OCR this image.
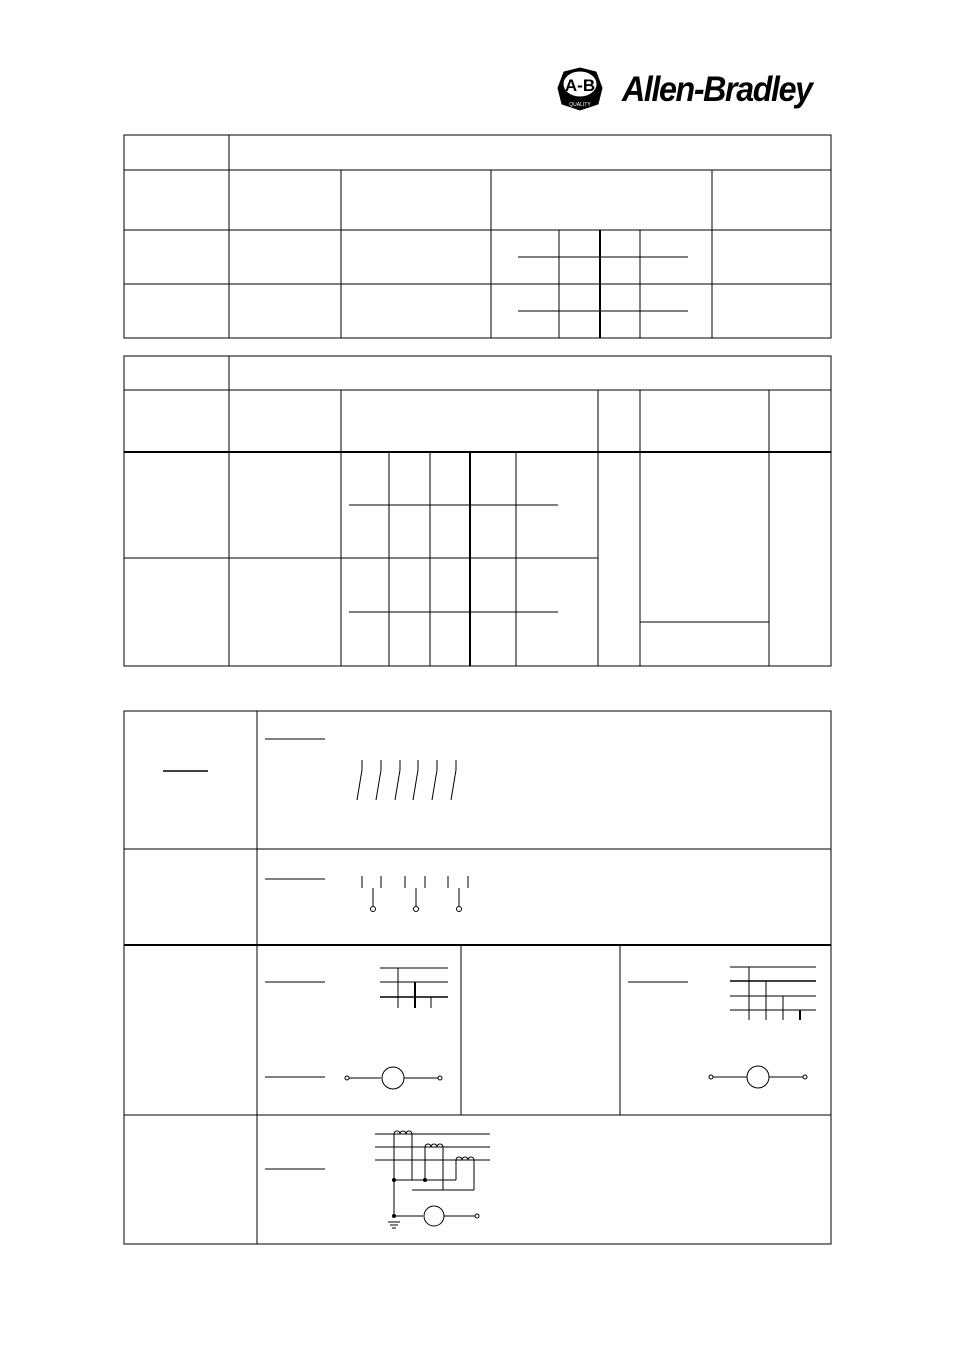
Allen-Bradley
A-B
QUALITY
